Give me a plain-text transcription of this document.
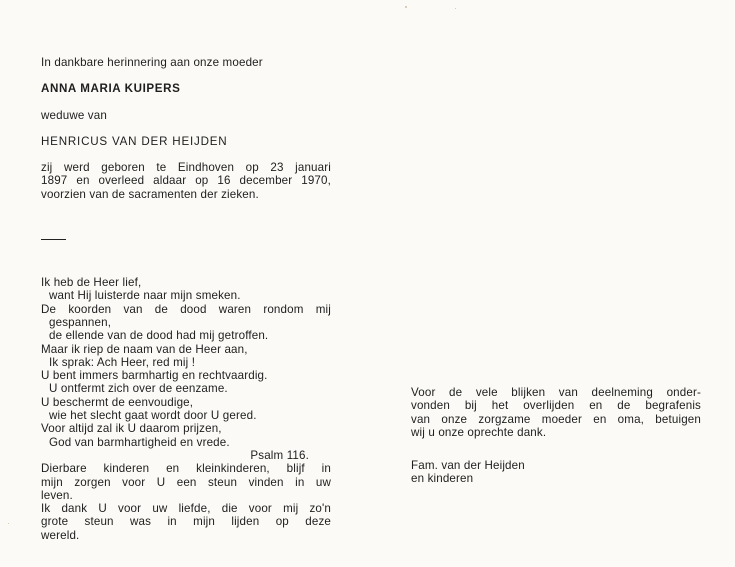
In dankbare herinnering aan onze moeder
ANNA MARIA KUIPERS
weduwe van
HENRICUS VAN DER HEIJDEN
zij werd geboren te Eindhoven op 23 januari
1897 en overleed aldaar op 16 december 1970,
voorzien van de sacramenten der zieken.
Ik heb de Heer lief,
want Hij luisterde naar mijn smeken.
De koorden van de dood waren rondom mij
gespannen,
de ellende van de dood had mij getroffen.
Maar ik riep de naam van de Heer aan,
Ik sprak: Ach Heer, red mij !
U bent immers barmhartig en rechtvaardig.
U ontfermt zich over de eenzame.
U beschermt de eenvoudige,
wie het slecht gaat wordt door U gered.
Voor altijd zal ik U daarom prijzen,
God van barmhartigheid en vrede.
Psalm 116.
Dierbare kinderen en kleinkinderen, blijf in
mijn zorgen voor U een steun vinden in uw
leven.
Ik dank U voor uw liefde, die voor mij zo'n
grote steun was in mijn lijden op deze
wereld.
Voor de vele blijken van deelneming onder-
vonden bij het overlijden en de begrafenis
van onze zorgzame moeder en oma, betuigen
wij u onze oprechte dank.
Fam. van der Heijden
en kinderen
